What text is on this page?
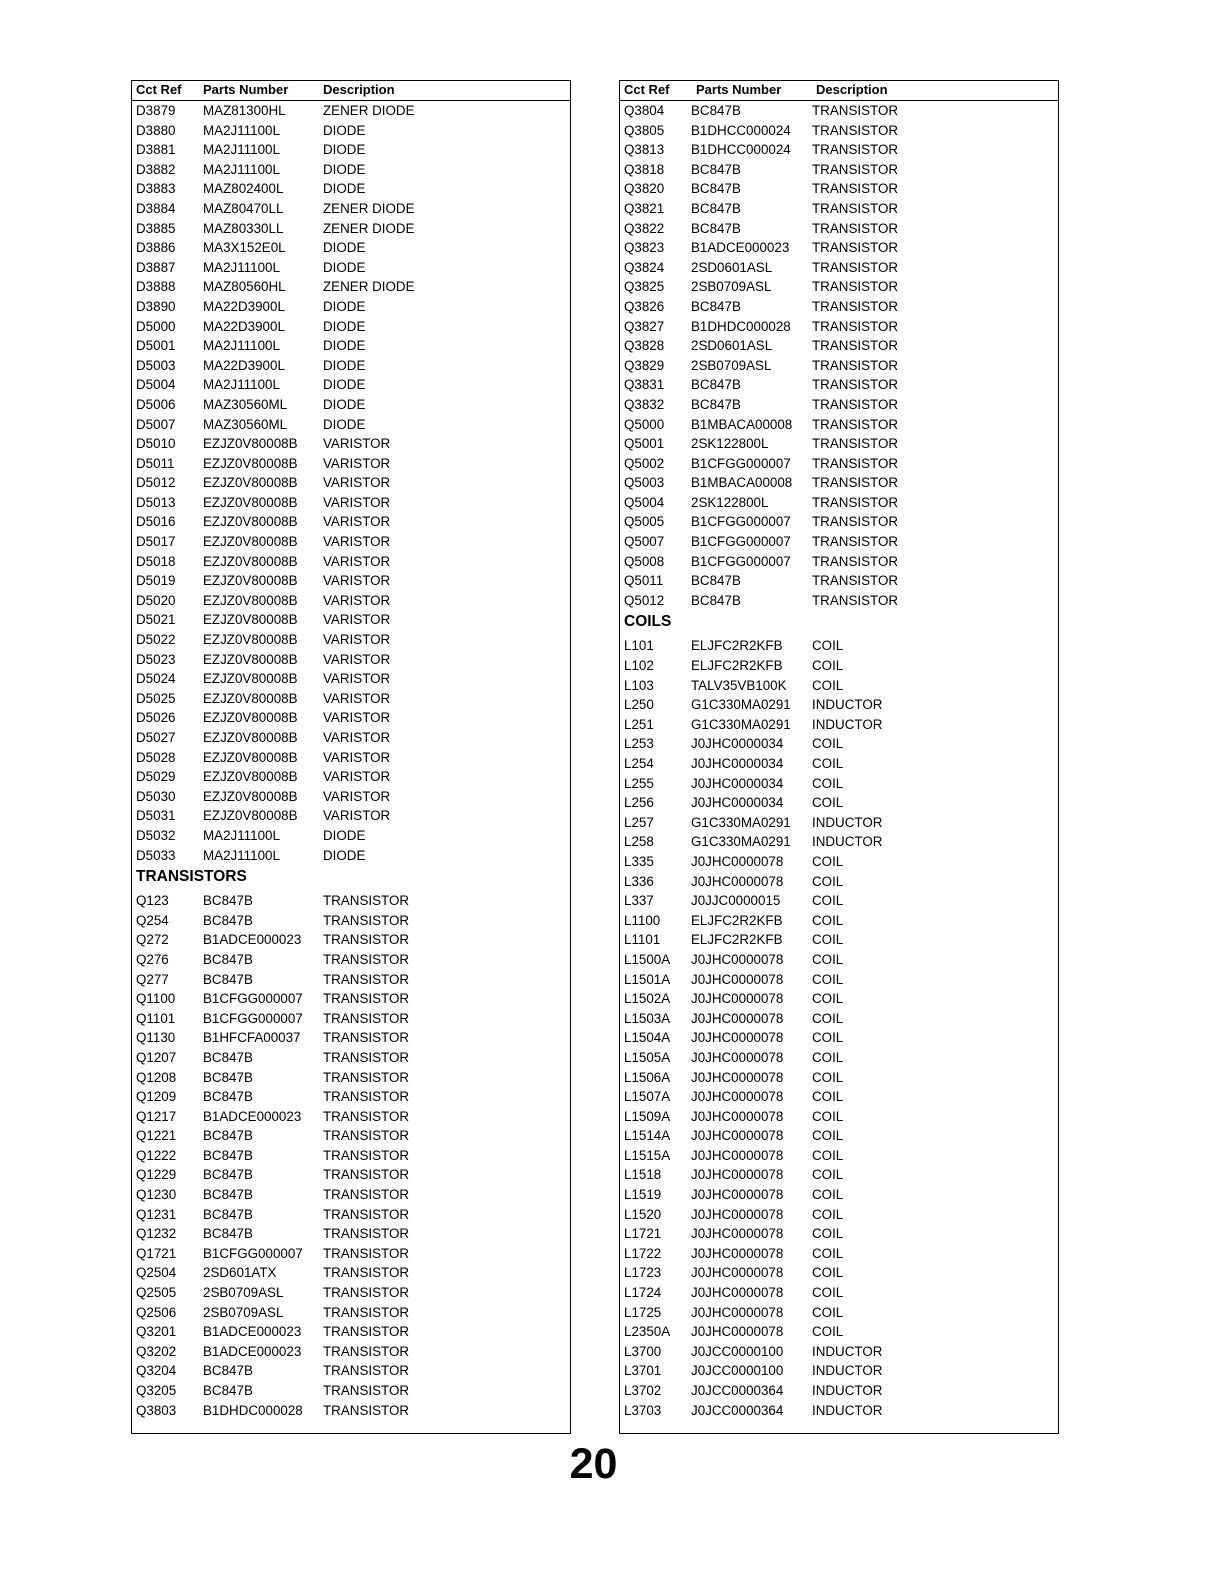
Cct Ref Parts Number	Description
D3879 MAZ81300HL	ZENER DIODE
D3880 MA2J11100L	DIODE
D3881 MA2J11100L	DIODE
D3882 MA2J11100L	DIODE
D3883 MAZ802400L	DIODE
D3884 MAZ80470LL	ZENER DIODE
D3885 MAZ80330LL	ZENER DIODE
D3886 MA3X152E0L	DIODE
D3887 MA2J11100L	DIODE
D3888 MAZ80560HL	ZENER DIODE
D3890 MA22D3900L	DIODE
D5000 MA22D3900L	DIODE
D5001 MA2J11100L	DIODE
D5003 MA22D3900L	DIODE
D5004 MA2J11100L	DIODE
D5006 MAZ30560ML	DIODE
D5007 MAZ30560ML	DIODE
D5010 EZJZ0V80008B VARISTOR
D5011 EZJZ0V80008B VARISTOR
D5012 EZJZ0V80008B VARISTOR
D5013 EZJZ0V80008B VARISTOR
D5016 EZJZ0V80008B VARISTOR
D5017 EZJZ0V80008B VARISTOR
D5018 EZJZ0V80008B VARISTOR
D5019 EZJZ0V80008B VARISTOR
D5020 EZJZ0V80008B VARISTOR
D5021 EZJZ0V80008B VARISTOR
D5022 EZJZ0V80008B VARISTOR
D5023 EZJZ0V80008B VARISTOR
D5024 EZJZ0V80008B VARISTOR
D5025 EZJZ0V80008B VARISTOR
D5026 EZJZ0V80008B VARISTOR
D5027 EZJZ0V80008B VARISTOR
D5028 EZJZ0V80008B VARISTOR
D5029 EZJZ0V80008B VARISTOR
D5030 EZJZ0V80008B VARISTOR
D5031 EZJZ0V80008B VARISTOR
D5032 MA2J11100L	DIODE
D5033 MA2J11100L	DIODE
TRANSISTORS
Q123	BC847B	TRANSISTOR
Q254	BC847B	TRANSISTOR
Q272	B1ADCE000023 TRANSISTOR
Q276	BC847B	TRANSISTOR
Q277	BC847B	TRANSISTOR
Q1100 B1CFGG000007 TRANSISTOR
Q1101 B1CFGG000007 TRANSISTOR
Q1130 B1HFCFA00037 TRANSISTOR
Q1207 BC847B	TRANSISTOR
Q1208 BC847B	TRANSISTOR
Q1209 BC847B	TRANSISTOR
Q1217 B1ADCE000023 TRANSISTOR
Q1221 BC847B	TRANSISTOR
Q1222 BC847B	TRANSISTOR
Q1229 BC847B	TRANSISTOR
Q1230 BC847B	TRANSISTOR
Q1231 BC847B	TRANSISTOR
Q1232 BC847B	TRANSISTOR
Q1721 B1CFGG000007 TRANSISTOR
Q2504 2SD601ATX	TRANSISTOR
Q2505 2SB0709ASL	TRANSISTOR
Q2506 2SB0709ASL	TRANSISTOR
Q3201 B1ADCE000023 TRANSISTOR
Q3202 B1ADCE000023 TRANSISTOR
Q3204 BC847B	TRANSISTOR
Q3205 BC847B	TRANSISTOR
Q3803 B1DHDC000028 TRANSISTOR
Cct Ref Parts Number	Description
Q3804 BC847B	TRANSISTOR
Q3805 B1DHCC000024 TRANSISTOR
Q3813 B1DHCC000024 TRANSISTOR
Q3818 BC847B	TRANSISTOR
Q3820 BC847B	TRANSISTOR
Q3821 BC847B	TRANSISTOR
Q3822 BC847B	TRANSISTOR
Q3823 B1ADCE000023 TRANSISTOR
Q3824 2SD0601ASL	TRANSISTOR
Q3825 2SB0709ASL	TRANSISTOR
Q3826 BC847B	TRANSISTOR
Q3827 B1DHDC000028 TRANSISTOR
Q3828 2SD0601ASL	TRANSISTOR
Q3829 2SB0709ASL	TRANSISTOR
Q3831 BC847B	TRANSISTOR
Q3832 BC847B	TRANSISTOR
Q5000 B1MBACA00008 TRANSISTOR
Q5001 2SK122800L	TRANSISTOR
Q5002 B1CFGG000007 TRANSISTOR
Q5003 B1MBACA00008 TRANSISTOR
Q5004 2SK122800L	TRANSISTOR
Q5005 B1CFGG000007 TRANSISTOR
Q5007 B1CFGG000007 TRANSISTOR
Q5008 B1CFGG000007 TRANSISTOR
Q5011 BC847B	TRANSISTOR
Q5012 BC847B	TRANSISTOR
COILS
L101	ELJFC2R2KFB COIL
L102	ELJFC2R2KFB COIL
L103	TALV35VB100K COIL
L250	G1C330MA0291 INDUCTOR
L251	G1C330MA0291 INDUCTOR
L253	J0JHC0000034 COIL
L254	J0JHC0000034 COIL
L255	J0JHC0000034 COIL
L256	J0JHC0000034 COIL
L257	G1C330MA0291 INDUCTOR
L258	G1C330MA0291 INDUCTOR
L335	J0JHC0000078 COIL
L336	J0JHC0000078 COIL
L337	J0JJC0000015 COIL
L1100 ELJFC2R2KFB COIL
L1101 ELJFC2R2KFB COIL
L1500A J0JHC0000078 COIL
L1501A J0JHC0000078 COIL
L1502A J0JHC0000078 COIL
L1503A J0JHC0000078 COIL
L1504A J0JHC0000078 COIL
L1505A J0JHC0000078 COIL
L1506A J0JHC0000078 COIL
L1507A J0JHC0000078 COIL
L1509A J0JHC0000078 COIL
L1514A J0JHC0000078 COIL
L1515A J0JHC0000078 COIL
L1518 J0JHC0000078 COIL
L1519 J0JHC0000078 COIL
L1520 J0JHC0000078 COIL
L1721 J0JHC0000078 COIL
L1722 J0JHC0000078 COIL
L1723 J0JHC0000078 COIL
L1724 J0JHC0000078 COIL
L1725 J0JHC0000078 COIL
L2350A J0JHC0000078 COIL
L3700 J0JCC0000100 INDUCTOR
L3701 J0JCC0000100 INDUCTOR
L3702 J0JCC0000364 INDUCTOR
L3703 J0JCC0000364 INDUCTOR
20
